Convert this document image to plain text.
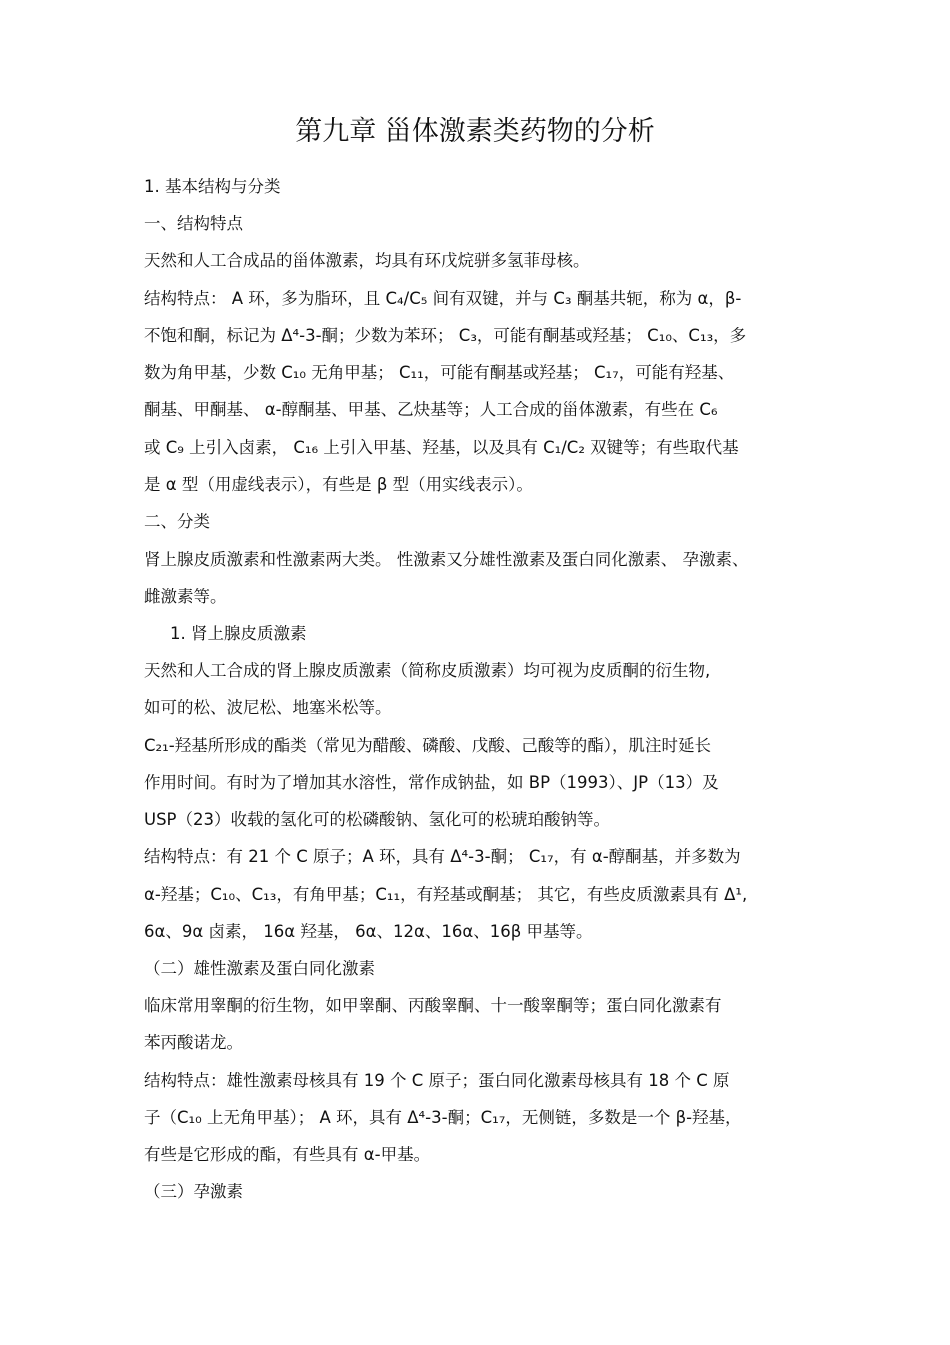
第九章 甾体激素类药物的分析
1. 基本结构与分类
一、结构特点
天然和人工合成品的甾体激素，均具有环戊烷骈多氢菲母核。
结构特点： A 环，多为脂环，且 C₄/C₅ 间有双键，并与 C₃ 酮基共轭，称为 α，β-
不饱和酮，标记为 Δ⁴-3-酮；少数为苯环； C₃，可能有酮基或羟基； C₁₀、C₁₃，多
数为角甲基，少数 C₁₀ 无角甲基； C₁₁，可能有酮基或羟基； C₁₇，可能有羟基、
酮基、甲酮基、 α-醇酮基、甲基、乙炔基等；人工合成的甾体激素，有些在 C₆
或 C₉ 上引入卤素， C₁₆ 上引入甲基、羟基，以及具有 C₁/C₂ 双键等；有些取代基
是 α 型（用虚线表示），有些是 β 型（用实线表示）。
二、分类
肾上腺皮质激素和性激素两大类。 性激素又分雄性激素及蛋白同化激素、 孕激素、
雌激素等。
1. 肾上腺皮质激素
天然和人工合成的肾上腺皮质激素（简称皮质激素）均可视为皮质酮的衍生物,
如可的松、波尼松、地塞米松等。
C₂₁-羟基所形成的酯类（常见为醋酸、磷酸、戊酸、己酸等的酯），肌注时延长
作用时间。有时为了增加其水溶性，常作成钠盐，如 BP（1993）、JP（13）及
USP（23）收载的氢化可的松磷酸钠、氢化可的松琥珀酸钠等。
结构特点：有 21 个 C 原子；A 环，具有 Δ⁴-3-酮； C₁₇，有 α-醇酮基，并多数为
α-羟基；C₁₀、C₁₃，有角甲基；C₁₁，有羟基或酮基； 其它，有些皮质激素具有 Δ¹,
6α、9α 卤素， 16α 羟基， 6α、12α、16α、16β 甲基等。
（二）雄性激素及蛋白同化激素
临床常用睾酮的衍生物，如甲睾酮、丙酸睾酮、十一酸睾酮等；蛋白同化激素有
苯丙酸诺龙。
结构特点：雄性激素母核具有 19 个 C 原子；蛋白同化激素母核具有 18 个 C 原
子（C₁₀ 上无角甲基）； A 环，具有 Δ⁴-3-酮；C₁₇，无侧链，多数是一个 β-羟基，
有些是它形成的酯，有些具有 α-甲基。
（三）孕激素
